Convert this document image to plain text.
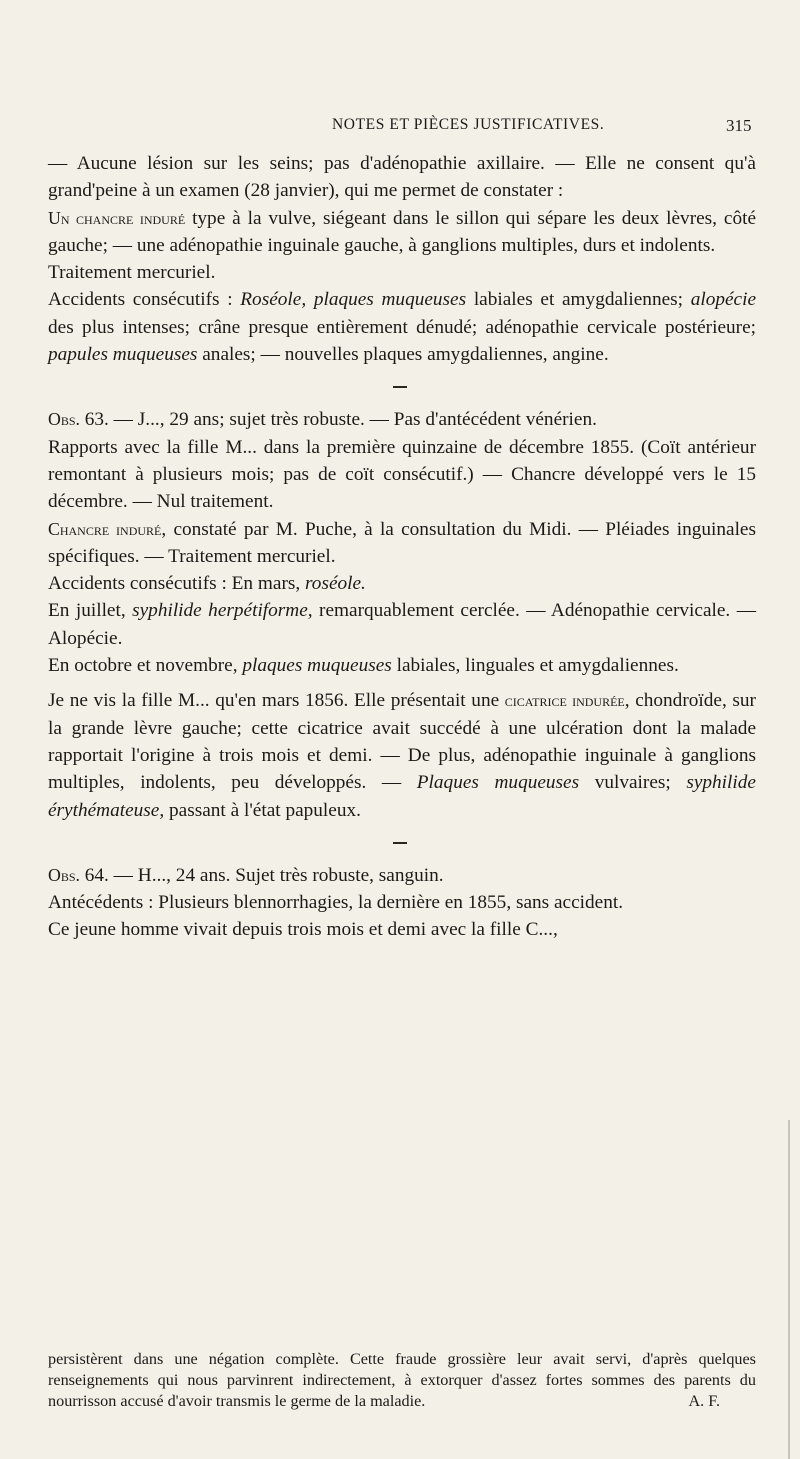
NOTES ET PIÈCES JUSTIFICATIVES.	315

— Aucune lésion sur les seins; pas d'adénopathie axillaire. — Elle ne consent qu'à grand'peine à un examen (28 janvier), qui me permet de constater :

Un chancre induré type à la vulve, siégeant dans le sillon qui sépare les deux lèvres, côté gauche; — une adénopathie inguinale gauche, à ganglions multiples, durs et indolents.

Traitement mercuriel.

Accidents consécutifs : Roséole, plaques muqueuses labiales et amygdaliennes; alopécie des plus intenses; crâne presque entièrement dénudé; adénopathie cervicale postérieure; papules muqueuses anales; — nouvelles plaques amygdaliennes, angine.

Obs. 63. — J..., 29 ans; sujet très robuste. — Pas d'antécédent vénérien.

Rapports avec la fille M... dans la première quinzaine de décembre 1855. (Coït antérieur remontant à plusieurs mois; pas de coït consécutif.) — Chancre développé vers le 15 décembre. — Nul traitement.

Chancre induré, constaté par M. Puche, à la consultation du Midi. — Pléiades inguinales spécifiques. — Traitement mercuriel.

Accidents consécutifs : En mars, roséole.

En juillet, syphilide herpétiforme, remarquablement cerclée. — Adénopathie cervicale. — Alopécie.

En octobre et novembre, plaques muqueuses labiales, linguales et amygdaliennes.

Je ne vis la fille M... qu'en mars 1856. Elle présentait une cicatrice indurée, chondroïde, sur la grande lèvre gauche; cette cicatrice avait succédé à une ulcération dont la malade rapportait l'origine à trois mois et demi. — De plus, adénopathie inguinale à ganglions multiples, indolents, peu développés. — Plaques muqueuses vulvaires; syphilide érythémateuse, passant à l'état papuleux.

Obs. 64. — H..., 24 ans. Sujet très robuste, sanguin.

Antécédents : Plusieurs blennorrhagies, la dernière en 1855, sans accident.

Ce jeune homme vivait depuis trois mois et demi avec la fille C...,

persistèrent dans une négation complète. Cette fraude grossière leur avait servi, d'après quelques renseignements qui nous parvinrent indirectement, à extorquer d'assez fortes sommes des parents du nourrisson accusé d'avoir transmis le germe de la maladie.	A. F.
